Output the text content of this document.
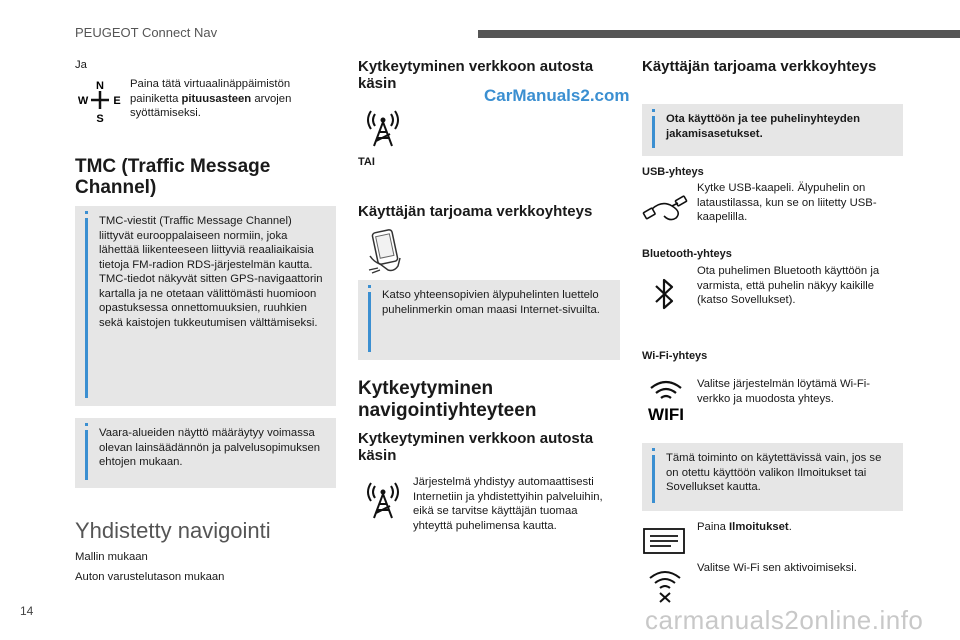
PEUGEOT Connect Nav
Ja
N
S
W E
Paina tätä virtuaalinäppäimistön painiketta pituusasteen arvojen syöttämiseksi.
TMC (Traffic Message Channel)
TMC-viestit (Traffic Message Channel) liittyvät eurooppalaiseen normiin, joka lähettää liikenteeseen liittyviä reaaliaikaisia tietoja FM-radion RDS-järjestelmän kautta. TMC-tiedot näkyvät sitten GPS-navigaattorin kartalla ja ne otetaan välittömästi huomioon opastuksessa onnettomuuksien, ruuhkien sekä kaistojen tukkeutumisen välttämiseksi.
Vaara-alueiden näyttö määräytyy voimassa olevan lainsäädännön ja palvelusopimuksen ehtojen mukaan.
Yhdistetty navigointi
Mallin mukaan
Auton varustelutason mukaan
Kytkeytyminen verkkoon autosta käsin
CarManuals2.com
TAI
Käyttäjän tarjoama verkkoyhteys
Katso yhteensopivien älypuhelinten luettelo puhelinmerkin oman maasi Internet-sivuilta.
Kytkeytyminen navigointiyhteyteen
Kytkeytyminen verkkoon autosta käsin
Järjestelmä yhdistyy automaattisesti Internetiin ja yhdistettyihin palveluihin, eikä se tarvitse käyttäjän tuomaa yhteyttä puhelimensa kautta.
Käyttäjän tarjoama verkkoyhteys
Ota käyttöön ja tee puhelinyhteyden jakamisasetukset.
USB-yhteys
Kytke USB-kaapeli. Älypuhelin on lataustilassa, kun se on liitetty USB-kaapelilla.
Bluetooth-yhteys
Ota puhelimen Bluetooth käyttöön ja varmista, että puhelin näkyy kaikille (katso Sovellukset).
Wi-Fi-yhteys
WIFI
Valitse järjestelmän löytämä Wi-Fi-verkko ja muodosta yhteys.
Tämä toiminto on käytettävissä vain, jos se on otettu käyttöön valikon Ilmoitukset tai Sovellukset kautta.
Paina Ilmoitukset.
Valitse Wi-Fi sen aktivoimiseksi.
14	carmanuals2online.info
